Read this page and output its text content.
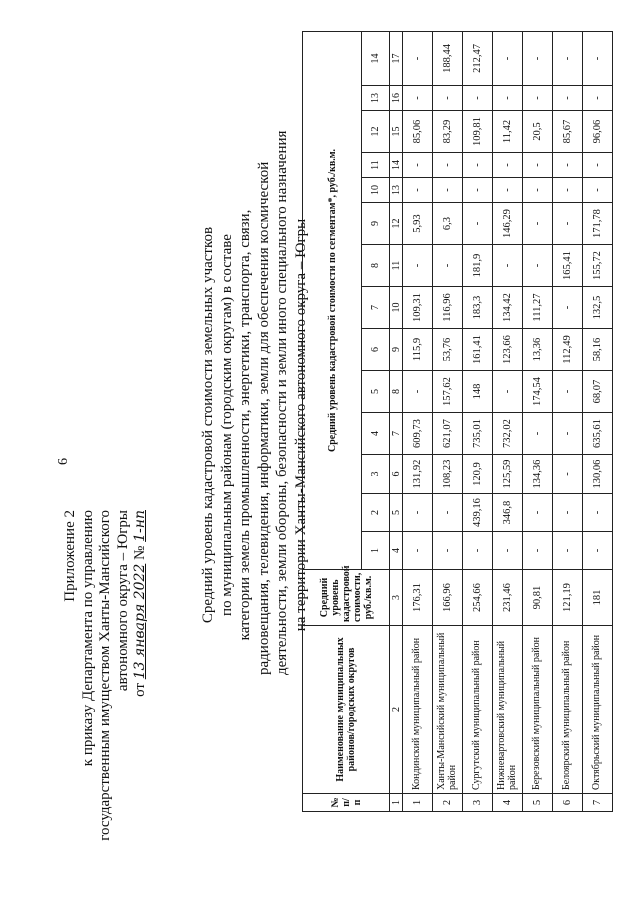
6
Приложение 2 к приказу Департамента по управлению государственным имуществом Ханты-Мансийского автономного округа – Югры от 13 января 2022 № 1-нп	Средний уровень кадастровой стоимости земельных участков по муниципальным районам (городским округам) в составе категории земель промышленности, энергетики, транспорта, связи, радиовещания, телевидения, информатики, земли для обеспечения космической деятельности, земли обороны, безопасности и земли иного специального назначения на территории Ханты-Мансийского автономного округа – Югры
№ п/п	Наименование муниципальных районов/городских округов	Средний уровень кадастровой стоимости, руб./кв.м.	Средний уровень кадастровой стоимости по сегментам*, руб./кв.м.													
			1	2	3	4	5	6	7	8	9	10	11	12	13	14
1	2	3	4	5	6	7	8	9	10	11	12	13	14	15	16	17
1	Кондинский муниципальный район	176,31	-	-	131,92	609,73	-	115,9	109,31	-	5,93	-	-	85,06	-	-
2	Ханты-Мансийский муниципальный район	166,96	-	-	108,23	621,07	157,62	53,76	116,96	-	6,3	-	-	83,29	-	188,44
3	Сургутский муниципальный район	254,66	-	439,16	120,9	735,01	148	161,41	183,3	181,9	-	-	-	109,81	-	212,47
4	Нижневартовский муниципальный район	231,46	-	346,8	125,59	732,02	-	123,66	134,42	-	146,29	-	-	11,42	-	-
5	Березовский муниципальный район	90,81	-	-	134,36	-	174,54	13,36	111,27	-	-	-	-	20,5	-	-
6	Белоярский муниципальный район	121,19	-	-	-	-	-	112,49	-	165,41	-	-	-	85,67	-	-
7	Октябрьский муниципальный район	181	-	-	130,06	635,61	68,07	58,16	132,5	155,72	171,78	-	-	96,06	-	-
